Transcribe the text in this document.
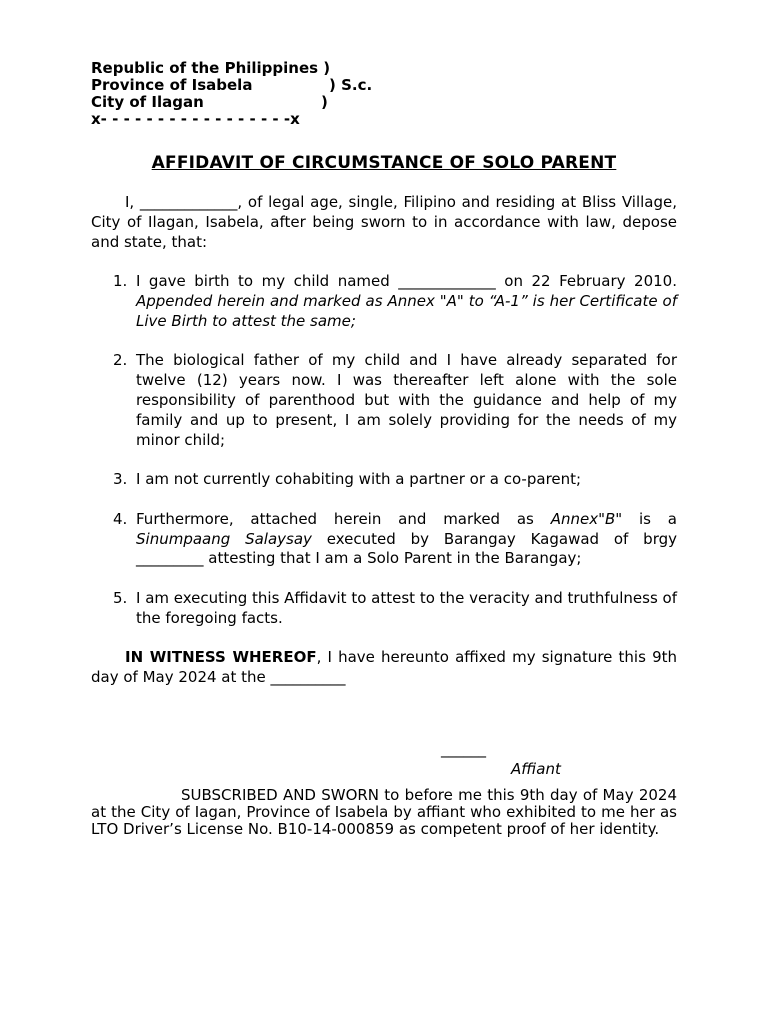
Republic of the Philippines )

Province of Isabela

	) S.c.

City of Ilagan

	)

x- - - - - - - - - - - - - - - - -x

AFFIDAVIT OF CIRCUMSTANCE OF SOLO PARENT
I, _____________, of legal age, single, Filipino and residing at Bliss Village, City of Ilagan, Isabela, after being sworn to in accordance with law, depose and state, that:
1. I gave birth to my child named _____________ on 22 February 2010. Appended herein and marked as Annex "A" to “A-1” is her Certificate of Live Birth to attest the same;
2. The biological father of my child and I have already separated for twelve (12) years now. I was thereafter left alone with the sole responsibility of parenthood but with the guidance and help of my family and up to present, I am solely providing for the needs of my minor child;
3. I am not currently cohabiting with a partner or a co-parent;
4. Furthermore, attached herein and marked as Annex"B" is a Sinumpaang Salaysay executed by Barangay Kagawad of brgy _________ attesting that I am a Solo Parent in the Barangay;
5. I am executing this Affidavit to attest to the veracity and truthfulness of the foregoing facts.
IN WITNESS WHEREOF, I have hereunto affixed my signature this 9th day of May 2024 at the __________
______
Affiant
SUBSCRIBED AND SWORN to before me this 9th day of May 2024 at the City of Iagan, Province of Isabela by affiant who exhibited to me her as LTO Driver’s License No. B10-14-000859 as competent proof of her identity.
